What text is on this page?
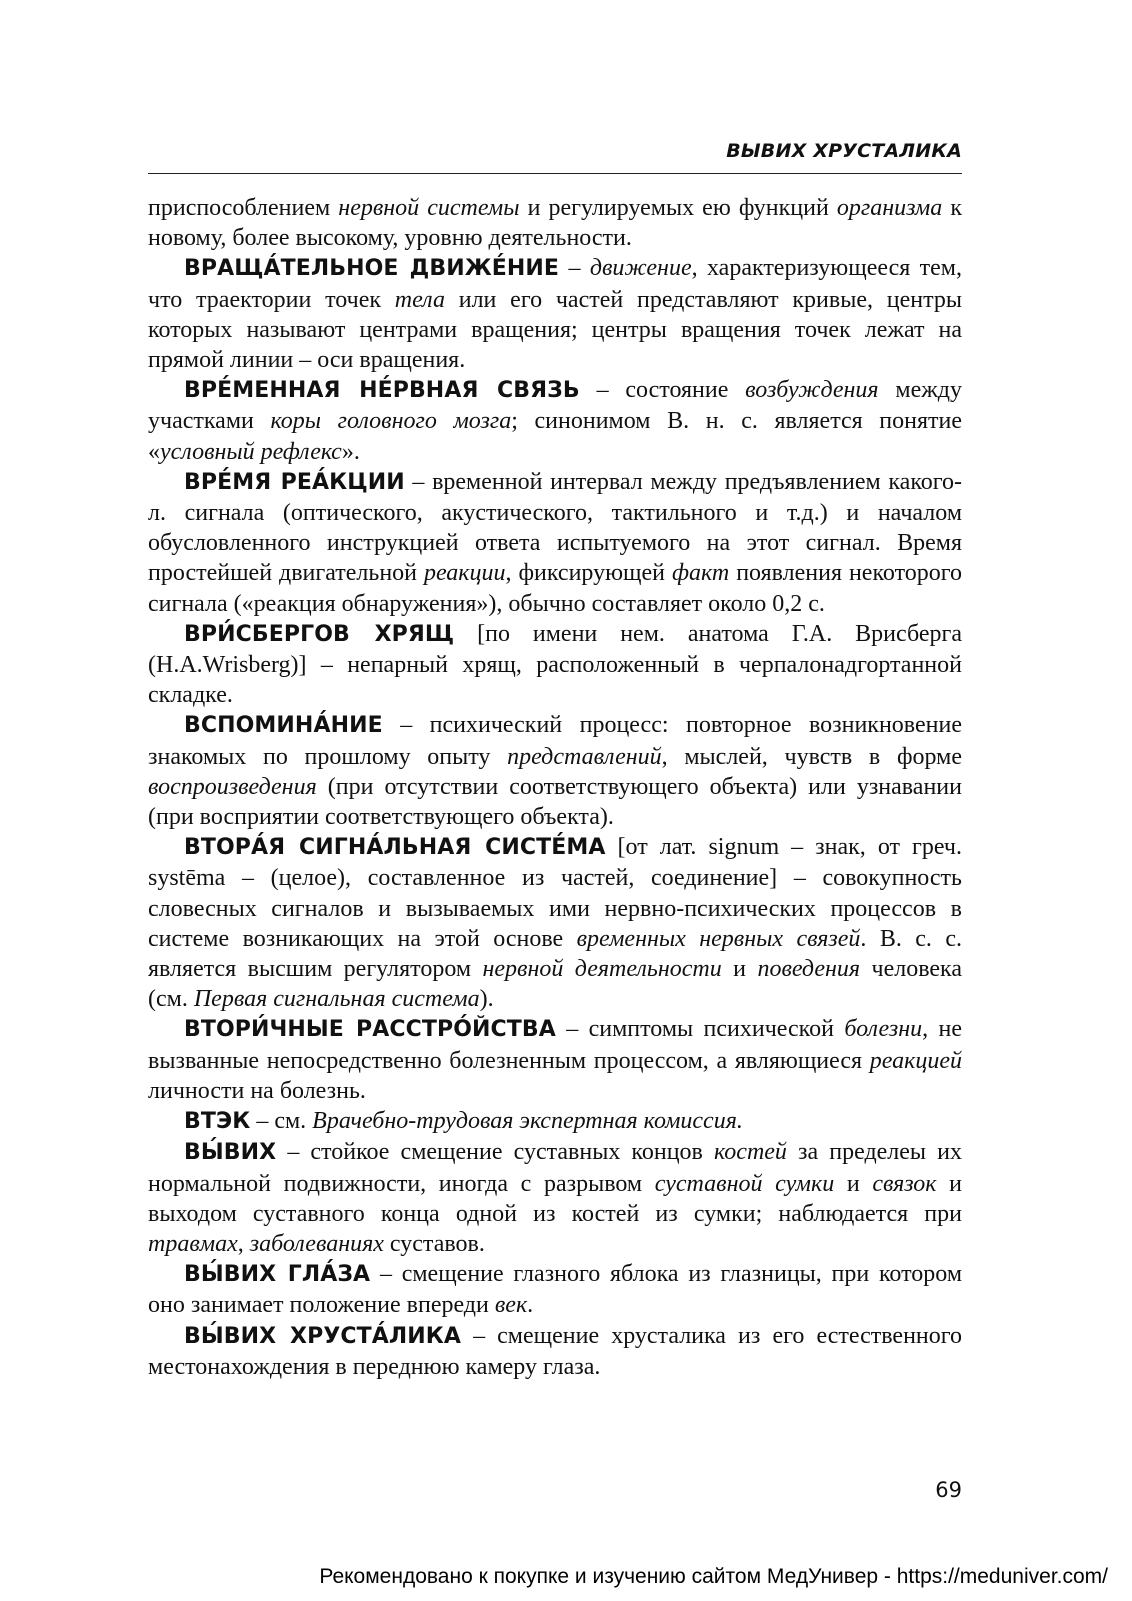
ВЫВИХ ХРУСТАЛИКА

приспособлением нервной системы и регулируемых ею функций организма к новому, более высокому, уровню деятельности.

ВРАЩА́ТЕЛЬНОЕ ДВИЖЕ́НИЕ – движение, характеризующееся тем, что траектории точек тела или его частей представляют кривые, центры которых называют центрами вращения; центры вращения точек лежат на прямой линии – оси вращения.

ВРЕ́МЕННАЯ НЕ́РВНАЯ СВЯЗЬ – состояние возбуждения между участками коры головного мозга; синонимом В. н. с. является понятие «условный рефлекс».

ВРЕ́МЯ РЕА́КЦИИ – временной интервал между предъявлением какого-л. сигнала (оптического, акустического, тактильного и т.д.) и началом обусловленного инструкцией ответа испытуемого на этот сигнал. Время простейшей двигательной реакции, фиксирующей факт появления некоторого сигнала («реакция обнаружения»), обычно составляет около 0,2 с.

ВРИ́СБЕРГОВ ХРЯЩ [по имени нем. анатома Г.А. Врисберга (H.A.Wrisberg)] – непарный хрящ, расположенный в черпалонадгортанной складке.

ВСПОМИНА́НИЕ – психический процесс: повторное возникновение знакомых по прошлому опыту представлений, мыслей, чувств в форме воспроизведения (при отсутствии соответствующего объекта) или узнавании (при восприятии соответствующего объекта).

ВТОРА́Я СИГНА́ЛЬНАЯ СИСТЕ́МА [от лат. signum – знак, от греч. systēma – (целое), составленное из частей, соединение] – совокупность словесных сигналов и вызываемых ими нервно-психических процессов в системе возникающих на этой основе временных нервных связей. В. с. с. является высшим регулятором нервной деятельности и поведения человека (см. Первая сигнальная система).

ВТОРИ́ЧНЫЕ РАССТРО́ЙСТВА – симптомы психической болезни, не вызванные непосредственно болезненным процессом, а являющиеся реакцией личности на болезнь.

ВТЭК – см. Врачебно-трудовая экспертная комиссия.

ВЫ́ВИХ – стойкое смещение суставных концов костей за пределеы их нормальной подвижности, иногда с разрывом суставной сумки и связок и выходом суставного конца одной из костей из сумки; наблюдается при травмах, заболеваниях суставов.

ВЫ́ВИХ ГЛА́ЗА – смещение глазного яблока из глазницы, при котором оно занимает положение впереди век.

ВЫ́ВИХ ХРУСТА́ЛИКА – смещение хрусталика из его естественного местонахождения в переднюю камеру глаза.

69
Рекомендовано к покупке и изучению сайтом МедУнивер - https://meduniver.com/
